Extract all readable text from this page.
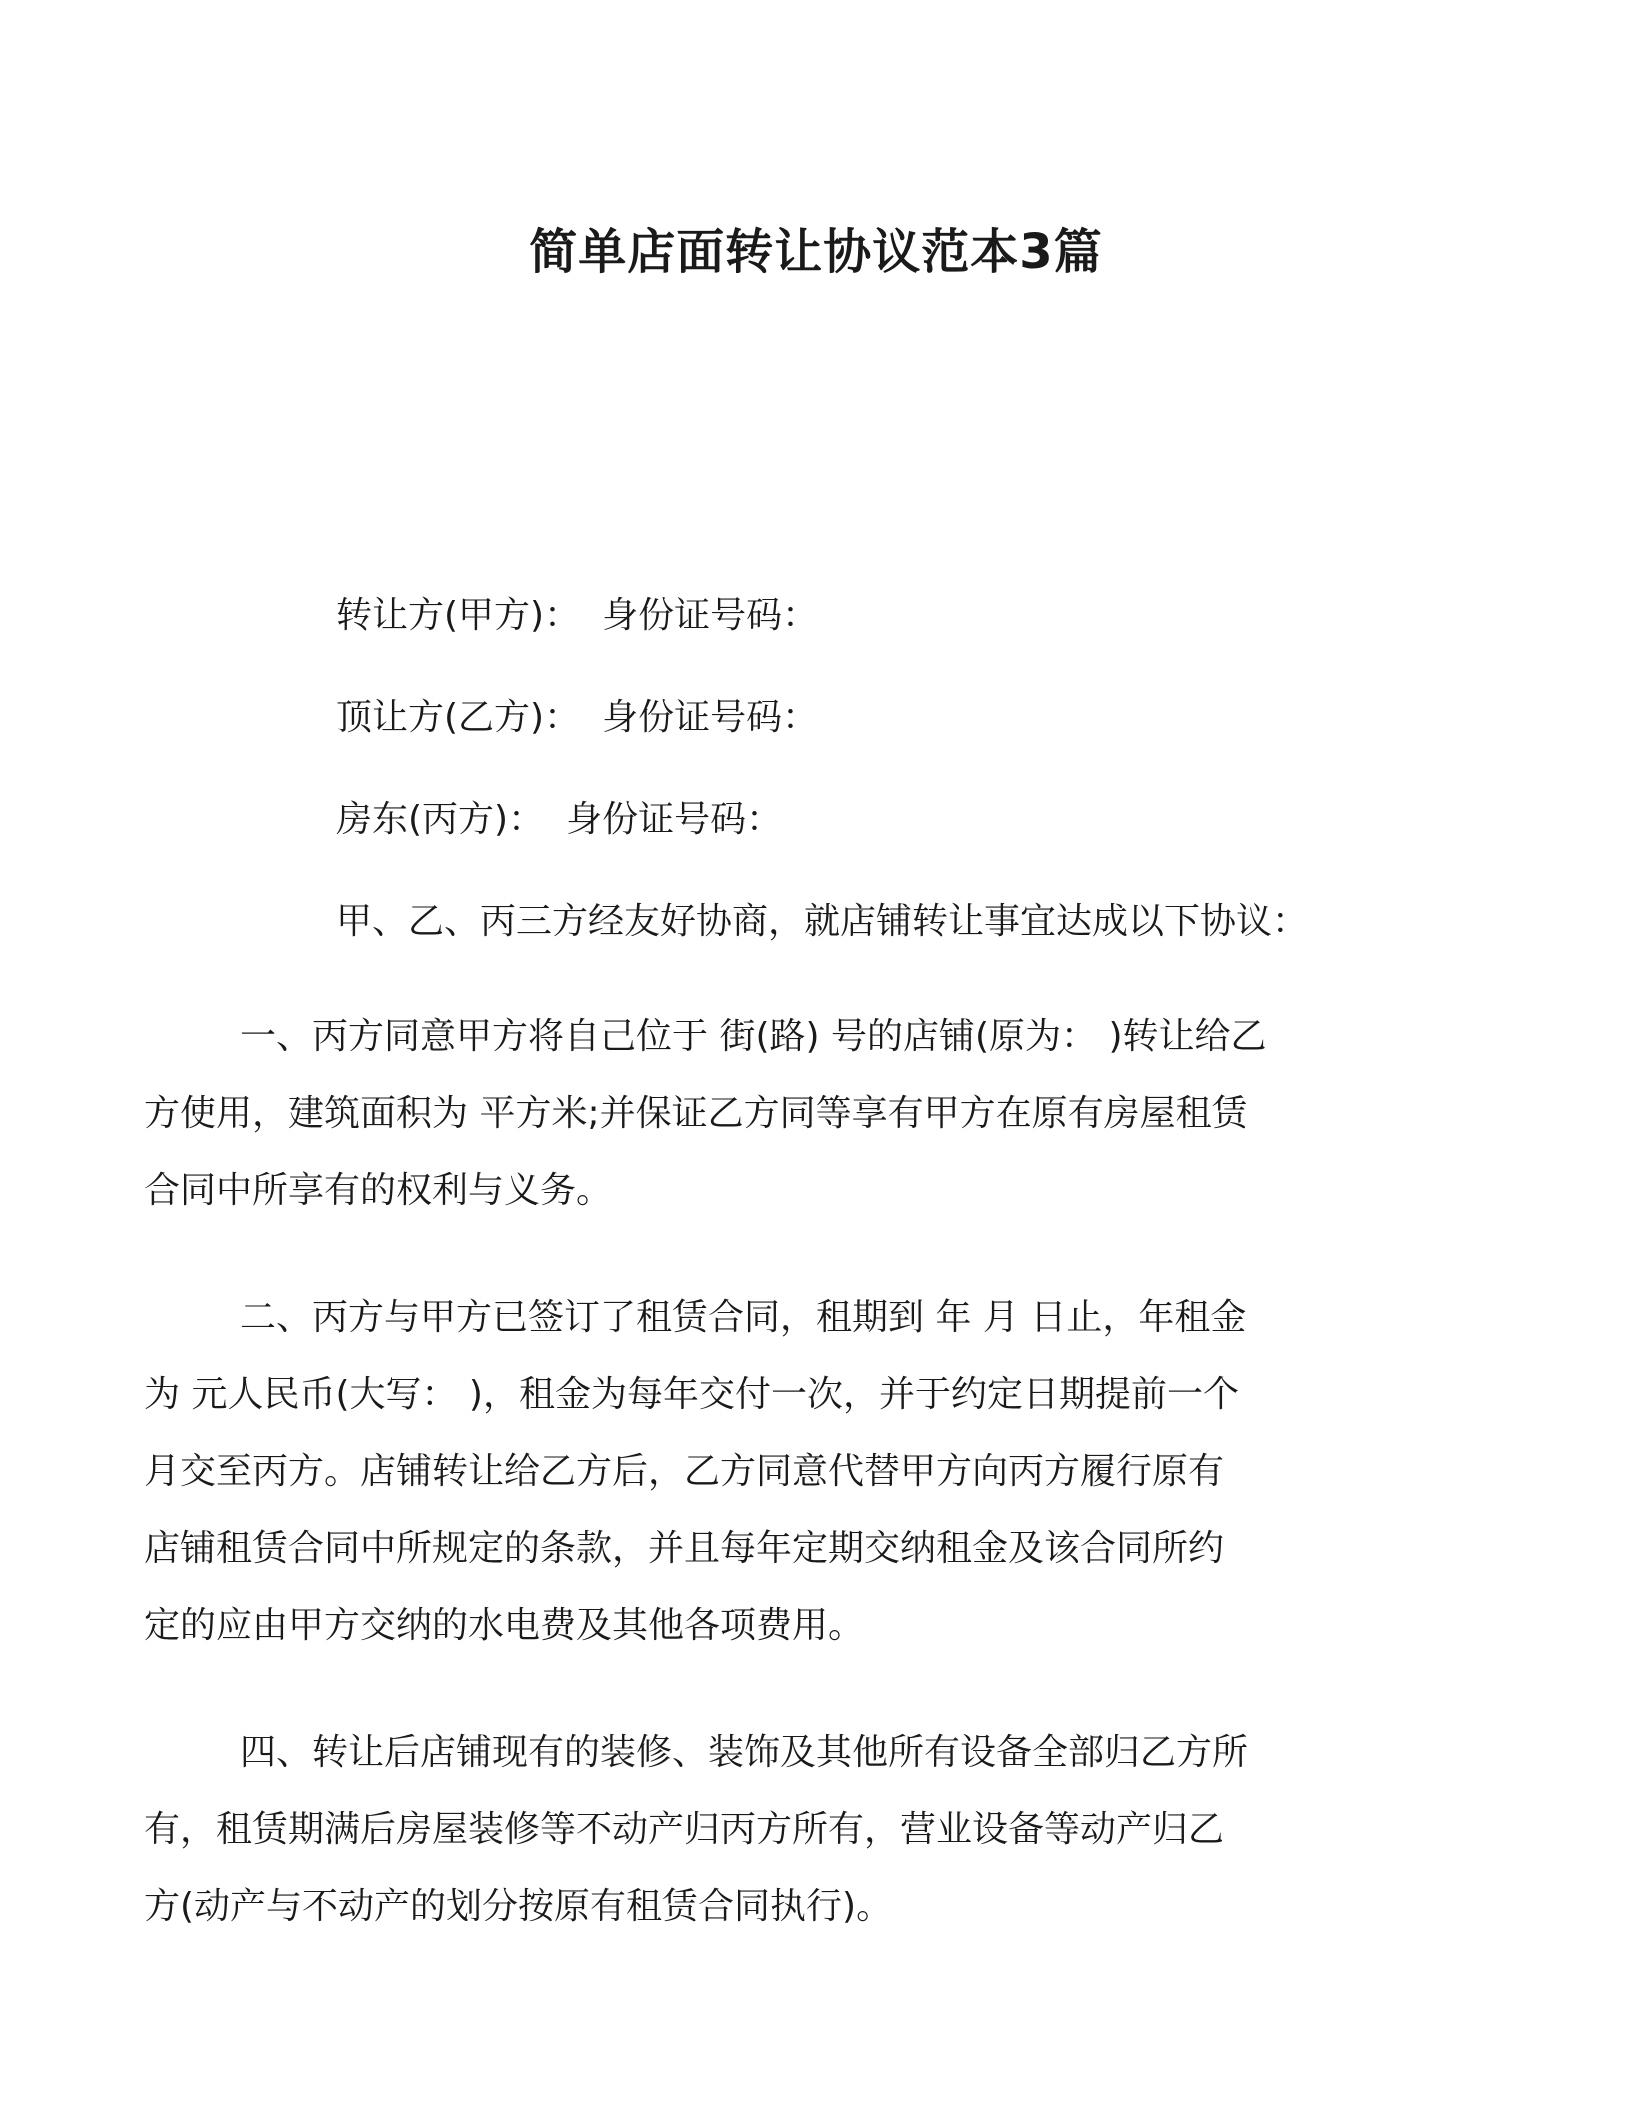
简单店面转让协议范本3篇
转让方(甲方)： 身份证号码：
顶让方(乙方)： 身份证号码：
房东(丙方)： 身份证号码：
甲、乙、丙三方经友好协商，就店铺转让事宜达成以下协议：
一、丙方同意甲方将自己位于 街(路) 号的店铺(原为： )转让给乙
方使用，建筑面积为 平方米;并保证乙方同等享有甲方在原有房屋租赁
合同中所享有的权利与义务。
二、丙方与甲方已签订了租赁合同，租期到 年 月 日止，年租金
为 元人民币(大写： )，租金为每年交付一次，并于约定日期提前一个
月交至丙方。店铺转让给乙方后，乙方同意代替甲方向丙方履行原有
店铺租赁合同中所规定的条款，并且每年定期交纳租金及该合同所约
定的应由甲方交纳的水电费及其他各项费用。
四、转让后店铺现有的装修、装饰及其他所有设备全部归乙方所
有，租赁期满后房屋装修等不动产归丙方所有，营业设备等动产归乙
方(动产与不动产的划分按原有租赁合同执行)。
